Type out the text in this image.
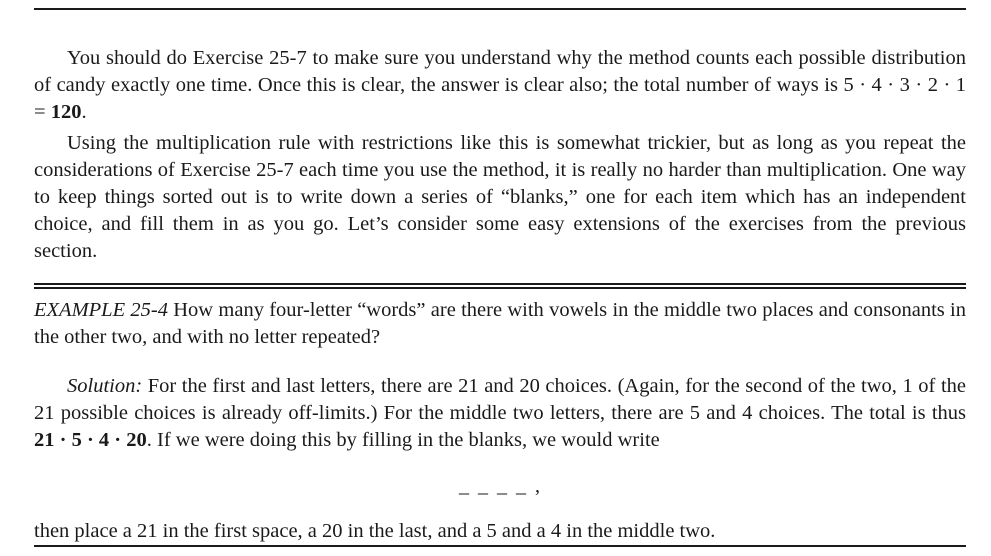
You should do Exercise 25-7 to make sure you understand why the method counts each possible distribution of candy exactly one time. Once this is clear, the answer is clear also; the total number of ways is 5 · 4 · 3 · 2 · 1 = 120.

Using the multiplication rule with restrictions like this is somewhat trickier, but as long as you repeat the considerations of Exercise 25-7 each time you use the method, it is really no harder than multiplication. One way to keep things sorted out is to write down a series of “blanks,” one for each item which has an independent choice, and fill them in as you go. Let’s consider some easy extensions of the exercises from the previous section.

EXAMPLE 25-4 How many four-letter “words” are there with vowels in the middle two places and consonants in the other two, and with no letter repeated?

Solution: For the first and last letters, there are 21 and 20 choices. (Again, for the second of the two, 1 of the 21 possible choices is already off-limits.) For the middle two letters, there are 5 and 4 choices. The total is thus 21 · 5 · 4 · 20. If we were doing this by filling in the blanks, we would write

_ _ _ _ ,

then place a 21 in the first space, a 20 in the last, and a 5 and a 4 in the middle two.
